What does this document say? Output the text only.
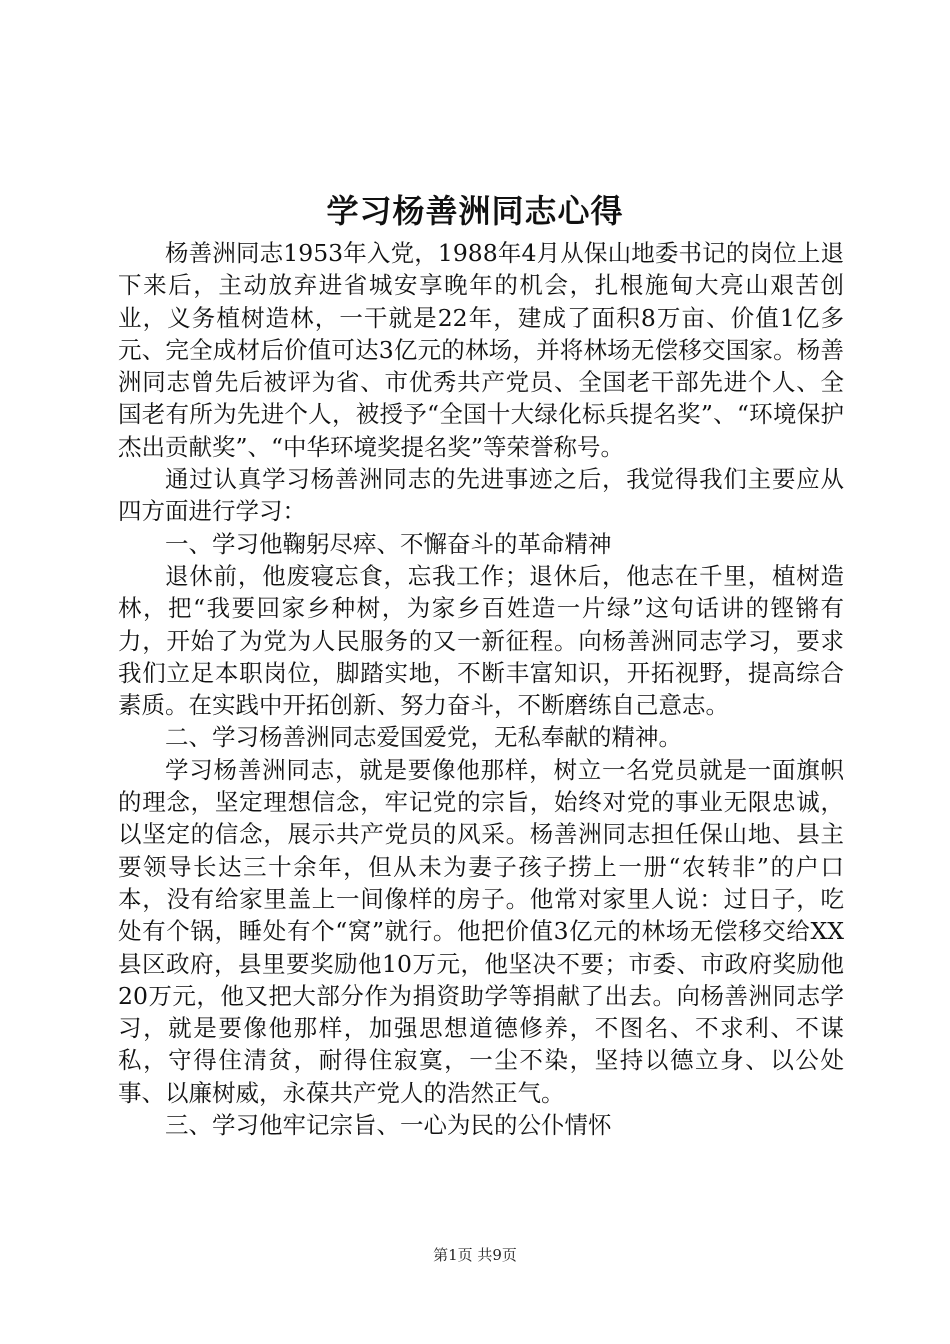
学习杨善洲同志心得

杨善洲同志1953年入党，1988年4月从保山地委书记的岗位上退下来后，主动放弃进省城安享晚年的机会，扎根施甸大亮山艰苦创业，义务植树造林，一干就是22年，建成了面积8万亩、价值1亿多元、完全成材后价值可达3亿元的林场，并将林场无偿移交国家。杨善洲同志曾先后被评为省、市优秀共产党员、全国老干部先进个人、全国老有所为先进个人，被授予“全国十大绿化标兵提名奖”、“环境保护杰出贡献奖”、“中华环境奖提名奖”等荣誉称号。

通过认真学习杨善洲同志的先进事迹之后，我觉得我们主要应从四方面进行学习：

一、学习他鞠躬尽瘁、不懈奋斗的革命精神

退休前，他废寝忘食，忘我工作；退休后，他志在千里，植树造林，把“我要回家乡种树，为家乡百姓造一片绿”这句话讲的铿锵有力，开始了为党为人民服务的又一新征程。向杨善洲同志学习，要求我们立足本职岗位，脚踏实地，不断丰富知识，开拓视野，提高综合素质。在实践中开拓创新、努力奋斗，不断磨练自己意志。

二、学习杨善洲同志爱国爱党，无私奉献的精神。

学习杨善洲同志，就是要像他那样，树立一名党员就是一面旗帜的理念，坚定理想信念，牢记党的宗旨，始终对党的事业无限忠诚，以坚定的信念，展示共产党员的风采。杨善洲同志担任保山地、县主要领导长达三十余年，但从未为妻子孩子捞上一册“农转非”的户口本，没有给家里盖上一间像样的房子。他常对家里人说：过日子，吃处有个锅，睡处有个“窝”就行。他把价值3亿元的林场无偿移交给XX县区政府，县里要奖励他10万元，他坚决不要；市委、市政府奖励他20万元，他又把大部分作为捐资助学等捐献了出去。向杨善洲同志学习，就是要像他那样，加强思想道德修养，不图名、不求利、不谋私，守得住清贫，耐得住寂寞，一尘不染，坚持以德立身、以公处事、以廉树威，永葆共产党人的浩然正气。

三、学习他牢记宗旨、一心为民的公仆情怀

第1页 共9页
